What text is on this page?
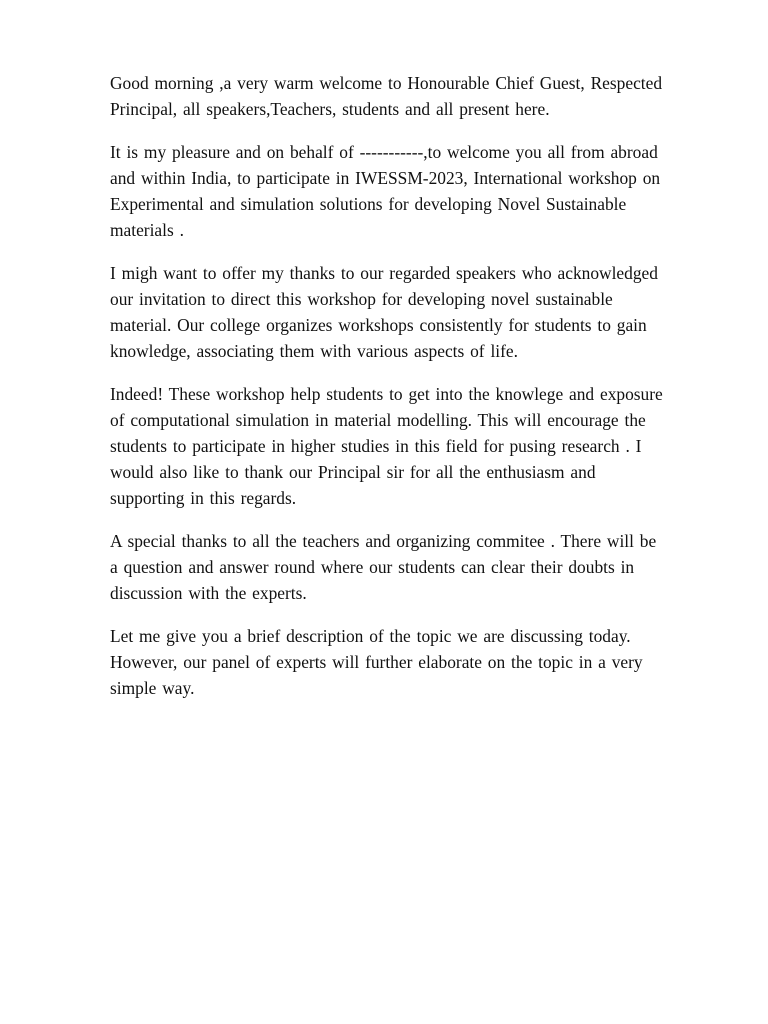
Good morning ,a very warm welcome to Honourable Chief Guest, Respected Principal, all speakers,Teachers, students and all present here.

It is my pleasure and on behalf of -----------,to welcome you all from abroad and within India, to participate in IWESSM-2023, International workshop on Experimental and simulation solutions for developing Novel Sustainable materials .

I migh want to offer my thanks to our regarded speakers who acknowledged our invitation to direct this workshop for developing novel sustainable material. Our college organizes workshops consistently for students to gain knowledge, associating them with various aspects of life.

Indeed! These workshop help students to get into the knowlege and exposure of computational simulation in material modelling. This will encourage the students to participate in higher studies in this field for pusing research . I would also like to thank our Principal sir for all the enthusiasm and supporting in this regards.

A special thanks to all the teachers and organizing commitee . There will be a question and answer round where our students can clear their doubts in discussion with the experts.

Let me give you a brief description of the topic we are discussing today. However, our panel of experts will further elaborate on the topic in a very simple way.
